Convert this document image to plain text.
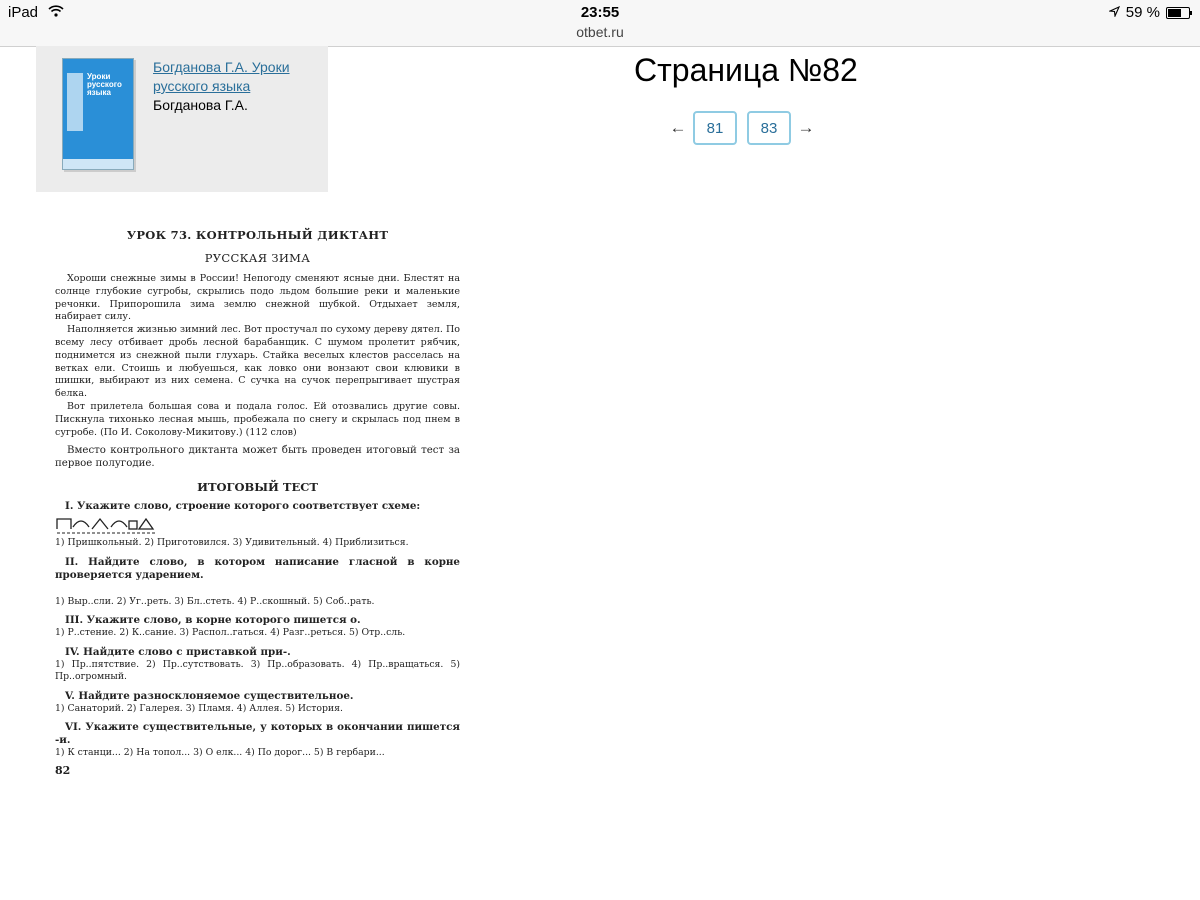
iPad	23:55	59 %
otbet.ru
Уроки русского языка
Богданова Г.А. Уроки русского языка
Богданова Г.А.
Страница №82
←	81	83	→
УРОК 73. КОНТРОЛЬНЫЙ ДИКТАНТ
РУССКАЯ ЗИМА

Хороши снежные зимы в России! Непогоду сменяют ясные дни. Блестят на солнце глубокие сугробы, скрылись подо льдом большие реки и маленькие речонки. Припорошила зима землю снежной шубкой. Отдыхает земля, набирает силу.

Наполняется жизнью зимний лес. Вот простучал по сухому дереву дятел. По всему лесу отбивает дробь лесной барабанщик. С шумом пролетит рябчик, поднимется из снежной пыли глухарь. Стайка веселых клестов расселась на ветках ели. Стоишь и любуешься, как ловко они вонзают свои клювики в шишки, выбирают из них семена. С сучка на сучок перепрыгивает шустрая белка.

Вот прилетела большая сова и подала голос. Ей отозвались другие совы. Пискнула тихонько лесная мышь, пробежала по снегу и скрылась под пнем в сугробе. (По И. Соколову-Микитову.) (112 слов)

Вместо контрольного диктанта может быть проведен итоговый тест за первое полугодие.

ИТОГОВЫЙ ТЕСТ

I. Укажите слово, строение которого соответствует схеме:

1) Пришкольный. 2) Приготовился. 3) Удивительный. 4) Приблизиться.

II. Найдите слово, в котором написание гласной в корне проверяется ударением.

1) Выр..сли. 2) Уг..реть. 3) Бл..стеть. 4) Р..скошный. 5) Соб..рать.

III. Укажите слово, в корне которого пишется о.

1) Р..стение. 2) К..сание. 3) Распол..гаться. 4) Разг..реться. 5) Отр..сль.

IV. Найдите слово с приставкой при-.

1) Пр..пятствие. 2) Пр..сутствовать. 3) Пр..образовать. 4) Пр..вращаться. 5) Пр..огромный.

V. Найдите разносклоняемое существительное.

1) Санаторий. 2) Галерея. 3) Пламя. 4) Аллея. 5) История.

VI. Укажите существительные, у которых в окончании пишется -и.

1) К станци... 2) На топол... 3) О елк... 4) По дорог... 5) В гербари...

82
